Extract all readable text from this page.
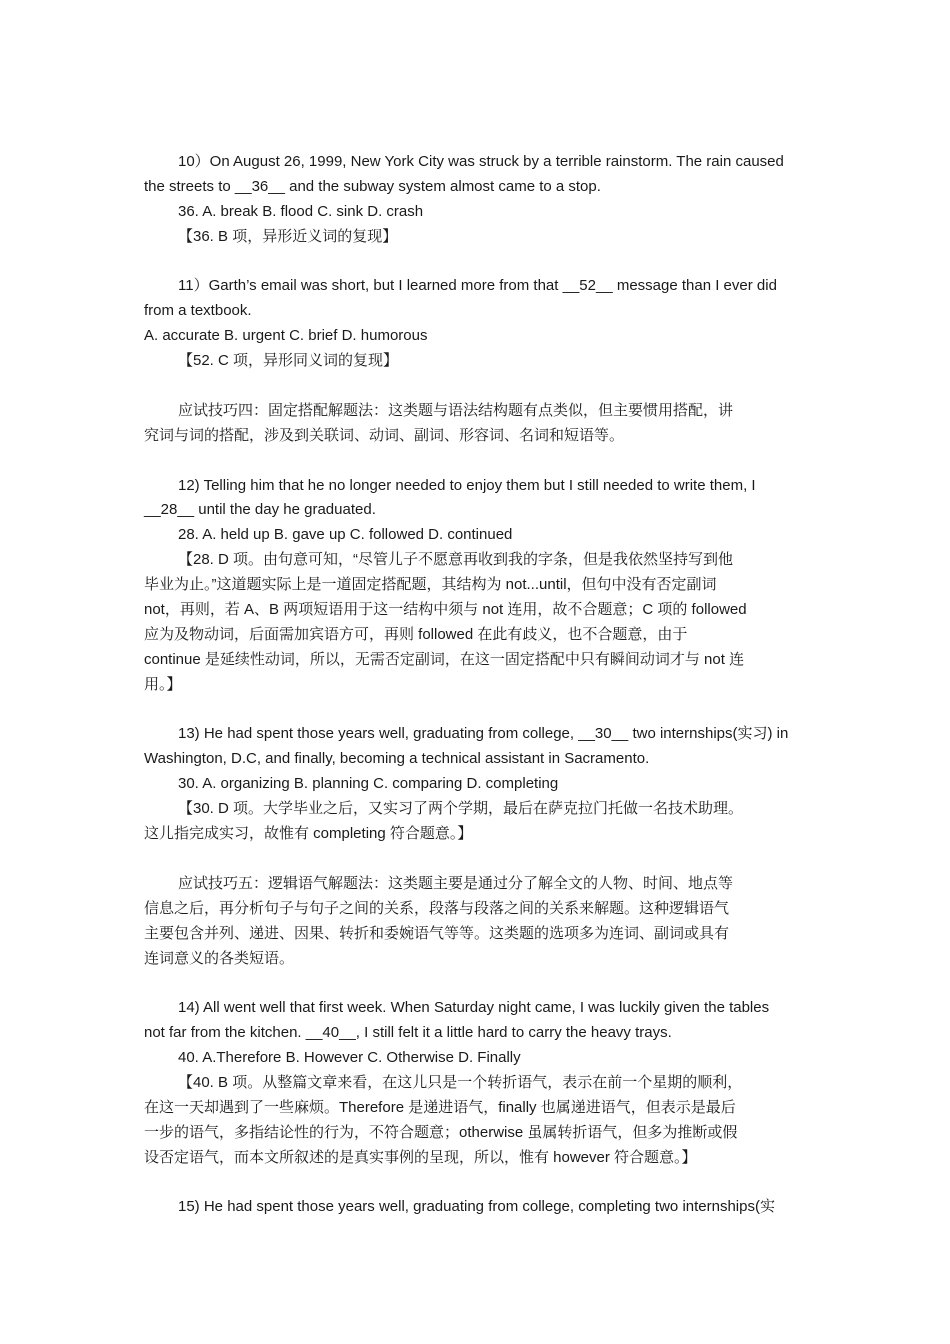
10）On August 26, 1999, New York City was struck by a terrible rainstorm. The rain caused
the streets to __36__ and the subway system almost came to a stop.
36. A. break B. flood C. sink D. crash
【36. B 项，异形近义词的复现】
11）Garth’s email was short, but I learned more from that __52__ message than I ever did
from a textbook.
A. accurate B. urgent C. brief D. humorous
【52. C 项，异形同义词的复现】
应试技巧四：固定搭配解题法：这类题与语法结构题有点类似，但主要惯用搭配，讲
究词与词的搭配，涉及到关联词、动词、副词、形容词、名词和短语等。
12) Telling him that he no longer needed to enjoy them but I still needed to write them, I
__28__ until the day he graduated.
28. A. held up B. gave up C. followed D. continued
【28. D 项。由句意可知，“尽管儿子不愿意再收到我的字条，但是我依然坚持写到他
毕业为止。”这道题实际上是一道固定搭配题，其结构为 not...until，但句中没有否定副词
not，再则，若 A、B 两项短语用于这一结构中须与 not 连用，故不合题意；C 项的 followed
应为及物动词，后面需加宾语方可，再则 followed 在此有歧义，也不合题意，由于
continue 是延续性动词，所以，无需否定副词，在这一固定搭配中只有瞬间动词才与 not 连
用。】
13) He had spent those years well, graduating from college, __30__ two internships(实习) in
Washington, D.C, and finally, becoming a technical assistant in Sacramento.
30. A. organizing B. planning C. comparing D. completing
【30. D 项。大学毕业之后，又实习了两个学期，最后在萨克拉门托做一名技术助理。
这儿指完成实习，故惟有 completing 符合题意。】
应试技巧五：逻辑语气解题法：这类题主要是通过分了解全文的人物、时间、地点等
信息之后，再分析句子与句子之间的关系，段落与段落之间的关系来解题。这种逻辑语气
主要包含并列、递进、因果、转折和委婉语气等等。这类题的选项多为连词、副词或具有
连词意义的各类短语。
14) All went well that first week. When Saturday night came, I was luckily given the tables
not far from the kitchen. __40__, I still felt it a little hard to carry the heavy trays.
40. A.Therefore B. However C. Otherwise D. Finally
【40. B 项。从整篇文章来看，在这儿只是一个转折语气，表示在前一个星期的顺利，
在这一天却遇到了一些麻烦。Therefore 是递进语气，finally 也属递进语气，但表示是最后
一步的语气，多指结论性的行为，不符合题意；otherwise 虽属转折语气，但多为推断或假
设否定语气，而本文所叙述的是真实事例的呈现，所以，惟有 however 符合题意。】
15) He had spent those years well, graduating from college, completing two internships(实
